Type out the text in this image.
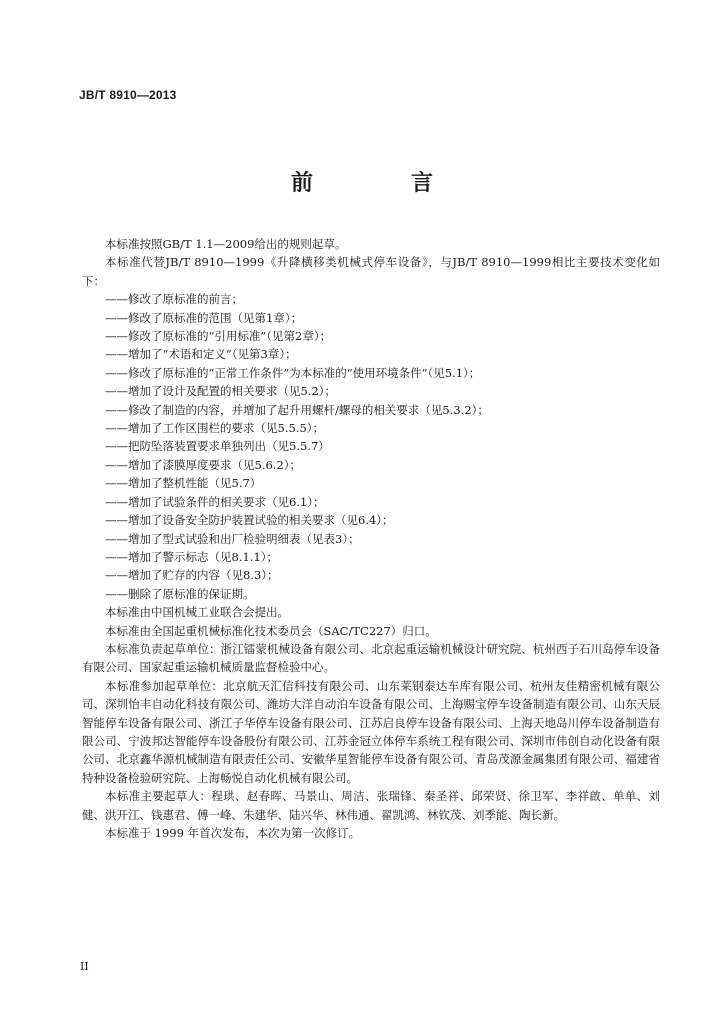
JB/T 8910—2013
前　言

本标准按照GB/T 1.1—2009给出的规则起草。

本标准代替JB/T 8910—1999《升降横移类机械式停车设备》，与JB/T 8910—1999相比主要技术变化如下：

——修改了原标准的前言；

——修改了原标准的范围（见第1章）；

——修改了原标准的“引用标准”（见第2章）；

——增加了“术语和定义”（见第3章）；

——修改了原标准的“正常工作条件”为本标准的“使用环境条件”（见5.1）；

——增加了设计及配置的相关要求（见5.2）；

——修改了制造的内容，并增加了起升用螺杆/螺母的相关要求（见5.3.2）；

——增加了工作区围栏的要求（见5.5.5）；

——把防坠落装置要求单独列出（见5.5.7）

——增加了漆膜厚度要求（见5.6.2）；

——增加了整机性能（见5.7）

——增加了试验条件的相关要求（见6.1）；

——增加了设备安全防护装置试验的相关要求（见6.4）；

——增加了型式试验和出厂检验明细表（见表3）；

——增加了警示标志（见8.1.1）；

——增加了贮存的内容（见8.3）；

——删除了原标准的保证期。

本标准由中国机械工业联合会提出。

本标准由全国起重机械标准化技术委员会（SAC/TC227）归口。

本标准负责起草单位：浙江镭蒙机械设备有限公司、北京起重运输机械设计研究院、杭州西子石川岛停车设备有限公司、国家起重运输机械质量监督检验中心。

本标准参加起草单位：北京航天汇信科技有限公司、山东莱钢泰达车库有限公司、杭州友佳精密机械有限公司、深圳怡丰自动化科技有限公司、潍坊大洋自动泊车设备有限公司、上海赐宝停车设备制造有限公司、山东天辰智能停车设备有限公司、浙江子华停车设备有限公司、江苏启良停车设备有限公司、上海天地岛川停车设备制造有限公司、宁波邦达智能停车设备股份有限公司、江苏金冠立体停车系统工程有限公司、深圳市伟创自动化设备有限公司、北京鑫华源机械制造有限责任公司、安徽华星智能停车设备有限公司、青岛茂源金属集团有限公司、福建省特种设备检验研究院、上海畅悦自动化机械有限公司。

本标准主要起草人：程珙、赵春晖、马景山、周洁、张瑞锋、秦圣祥、邱荣贤、徐卫军、李祥啟、单单、刘健、洪开江、钱惠君、傅一峰、朱建华、陆兴华、林伟通、翟凯鸿、林钦茂、刘季能、陶长新。

本标准于 1999 年首次发布，本次为第一次修订。

II
